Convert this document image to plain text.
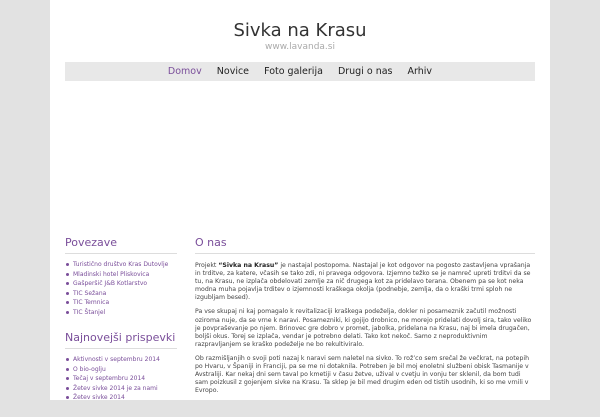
Sivka na Krasu
www.lavanda.si
Domov Novice Foto galerija Drugi o nas Arhiv
Povezave
Turistično društvo Kras Dutovlje
Mladinski hotel Pliskovica
Gašperšič J&B Kotlarstvo
TIC Sežana
TIC Temnica
TIC Štanjel
Najnovejši prispevki
Aktivnosti v septembru 2014
O bio-oglju
Tečaj v septembru 2014
Žetev sivke 2014 je za nami
Žetev sivke 2014
O nas

Projekt “Sivka na Krasu” je nastajal postopoma. Nastajal je kot odgovor na pogosto zastavljena vprašanja in trditve, za katere, včasih se tako zdi, ni pravega odgovora. Izjemno težko se je namreč upreti trditvi da se tu, na Krasu, ne izplača obdelovati zemlje za nič drugega kot za pridelavo terana. Obenem pa se kot neka modna muha pojavlja trditev o izjemnosti kraškega okolja (podnebje, zemlja, da o kraški trmi sploh ne izgubljam besed).

Pa vse skupaj ni kaj pomagalo k revitalizaciji kraškega podeželja, dokler ni posameznik začutil možnosti oziroma nuje, da se vrne k naravi. Posamezniki, ki gojijo drobnico, ne morejo pridelati dovolj sira, tako veliko je povpraševanje po njem. Brinovec gre dobro v promet, jabolka, pridelana na Krasu, naj bi imela drugačen, boljši okus. Torej se izplača, vendar je potrebno delati. Tako kot nekoč. Samo z neproduktivnim razpravljanjem se kraško podeželje ne bo rekultiviralo.

Ob razmišljanjih o svoji poti nazaj k naravi sem naletel na sivko. To rož’co sem srečal že večkrat, na potepih po Hvaru, v Španiji in Franciji, pa se me ni dotaknila. Potreben je bil moj enoletni službeni obisk Tasmanije v Avstraliji. Kar nekaj dni sem taval po kmetiji v času žetve, užival v cvetju in vonju ter sklenil, da bom tudi sam poizkusil z gojenjem sivke na Krasu. Ta sklep je bil med drugim eden od tistih usodnih, ki so me vrnili v Evropo.
